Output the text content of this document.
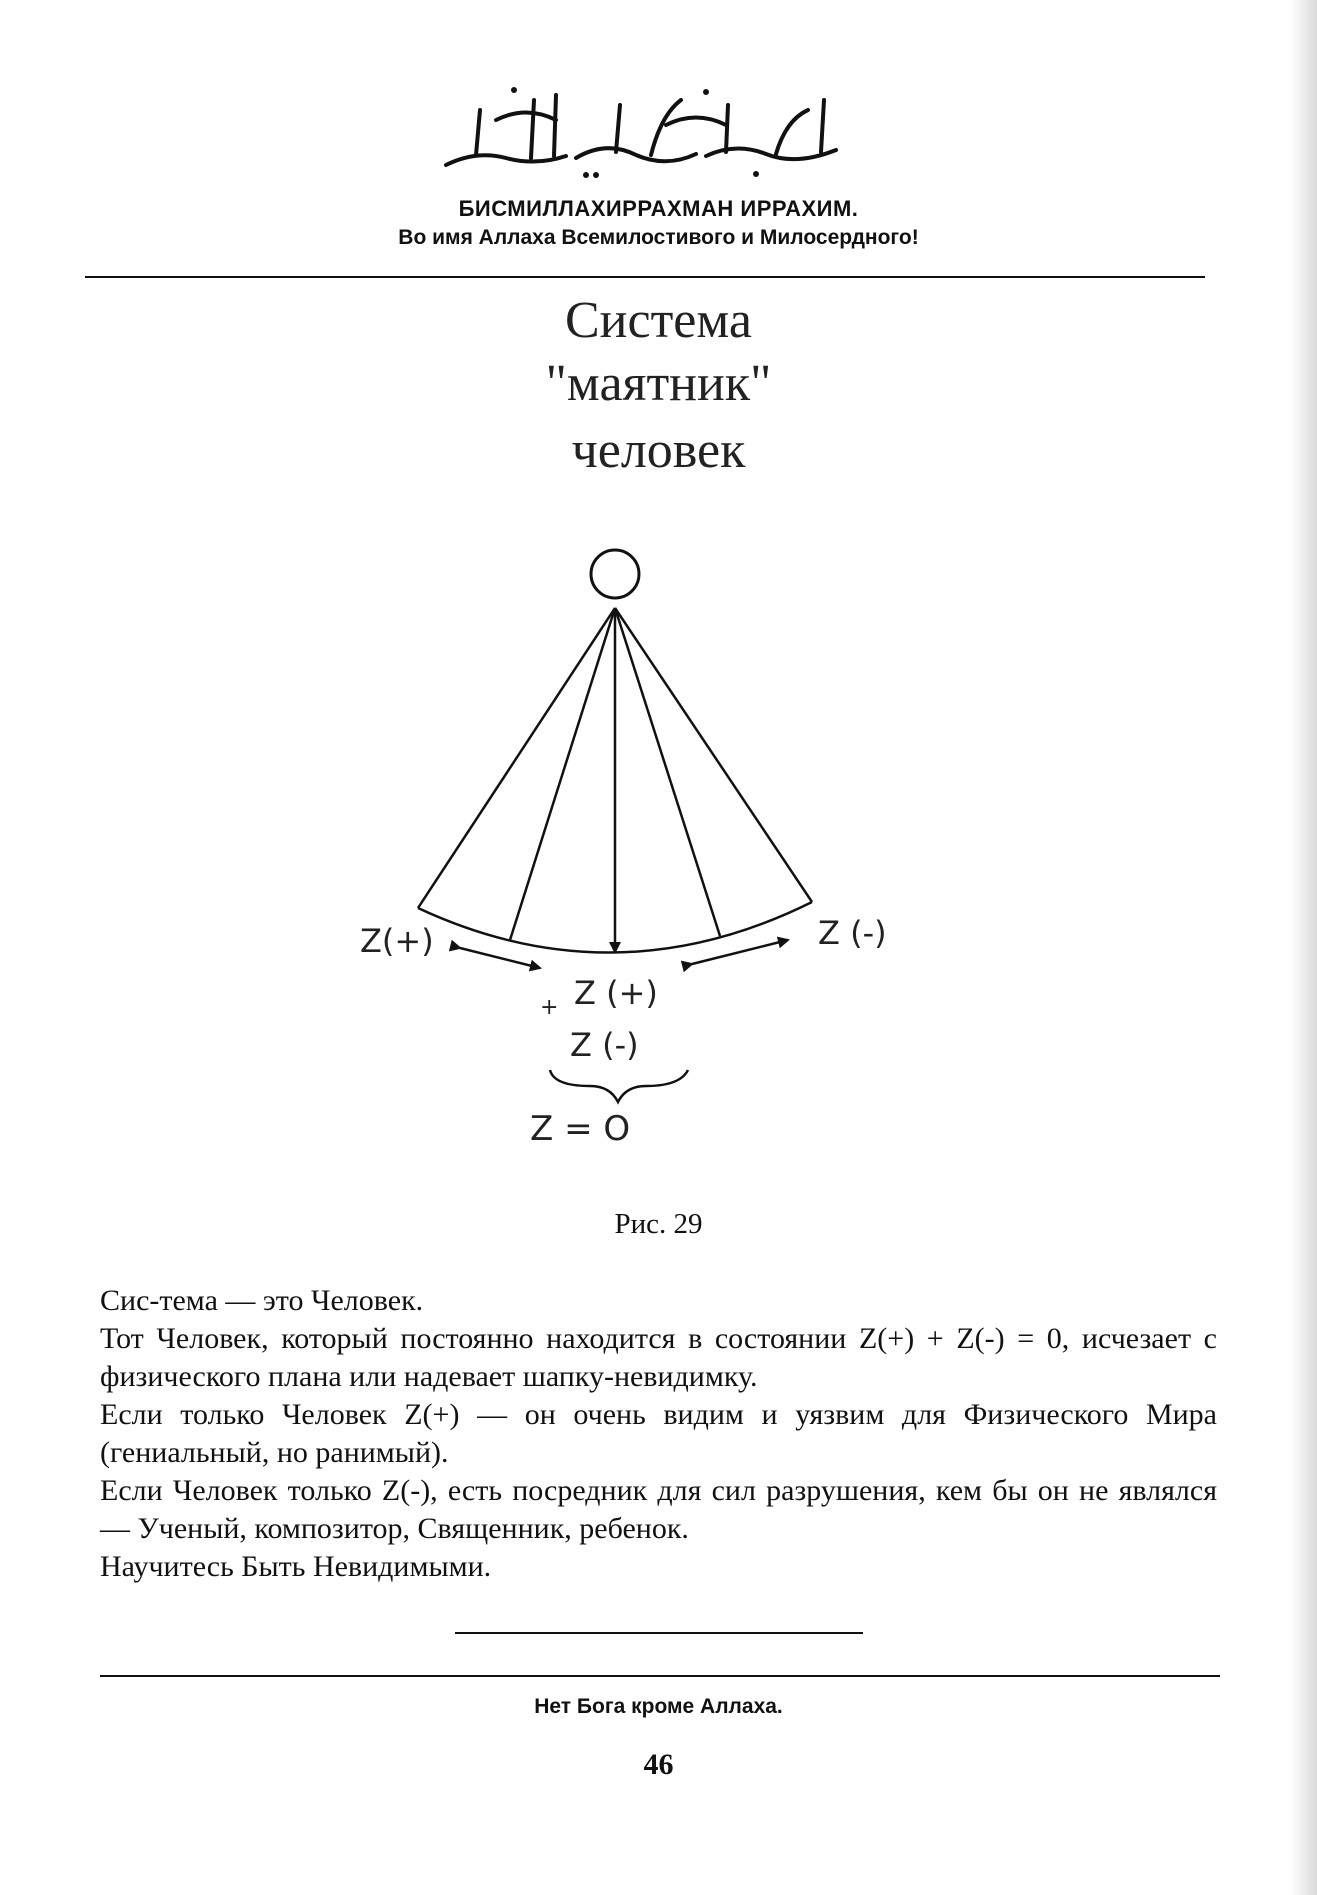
БИСМИЛЛАХИРРАХМАН ИРРАХИМ.
Во имя Аллаха Всемилостивого и Милосердного!
Система
"маятник"
человек
Z(+)	Z (-)
+ Z (+)
Z (-)
Z = O
Рис. 29

Сис-тема — это Человек.

Тот Человек, который постоянно находится в состоянии Z(+) + Z(-) = 0, исчезает с физического плана или надевает шапку-невидимку.

Если только Человек Z(+) — он очень видим и уязвим для Физического Мира (гениальный, но ранимый).

Если Человек только Z(-), есть посредник для сил разрушения, кем бы он не являлся — Ученый, композитор, Священник, ребенок.

Научитесь Быть Невидимыми.

Нет Бога кроме Аллаха.
46
